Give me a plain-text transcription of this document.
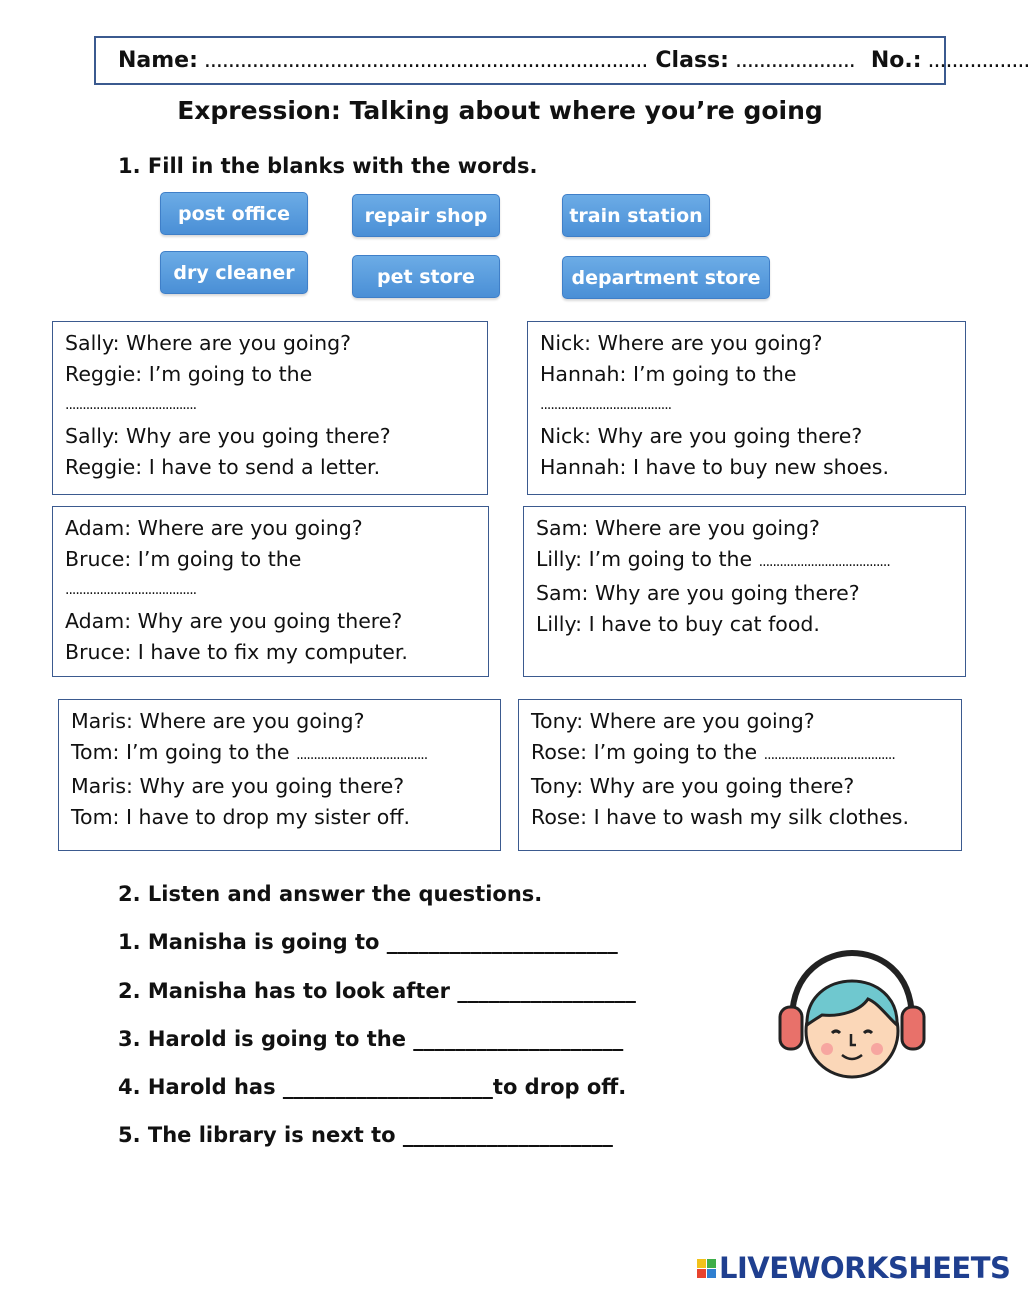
Name: .......................................................................... Class: .................... No.: .................
Expression: Talking about where you’re going
1. Fill in the blanks with the words.
post office	repair shop	train station
dry cleaner	pet store	department store
Sally: Where are you going?
Reggie: I’m going to the
......................................
Sally: Why are you going there?
Reggie: I have to send a letter.
Nick: Where are you going?
Hannah: I’m going to the
......................................
Nick: Why are you going there?
Hannah: I have to buy new shoes.
Adam: Where are you going?
Bruce: I’m going to the
......................................
Adam: Why are you going there?
Bruce: I have to fix my computer.
Sam: Where are you going?
Lilly: I’m going to the ......................................
Sam: Why are you going there?
Lilly: I have to buy cat food.
Maris: Where are you going?
Tom: I’m going to the ......................................
Maris: Why are you going there?
Tom: I have to drop my sister off.
Tony: Where are you going?
Rose: I’m going to the ......................................
Tony: Why are you going there?
Rose: I have to wash my silk clothes.
2. Listen and answer the questions.
1. Manisha is going to ______________________
2. Manisha has to look after _________________
3. Harold is going to the ____________________
4. Harold has ____________________to drop off.
5. The library is next to ____________________
LIVEWORKSHEETS
